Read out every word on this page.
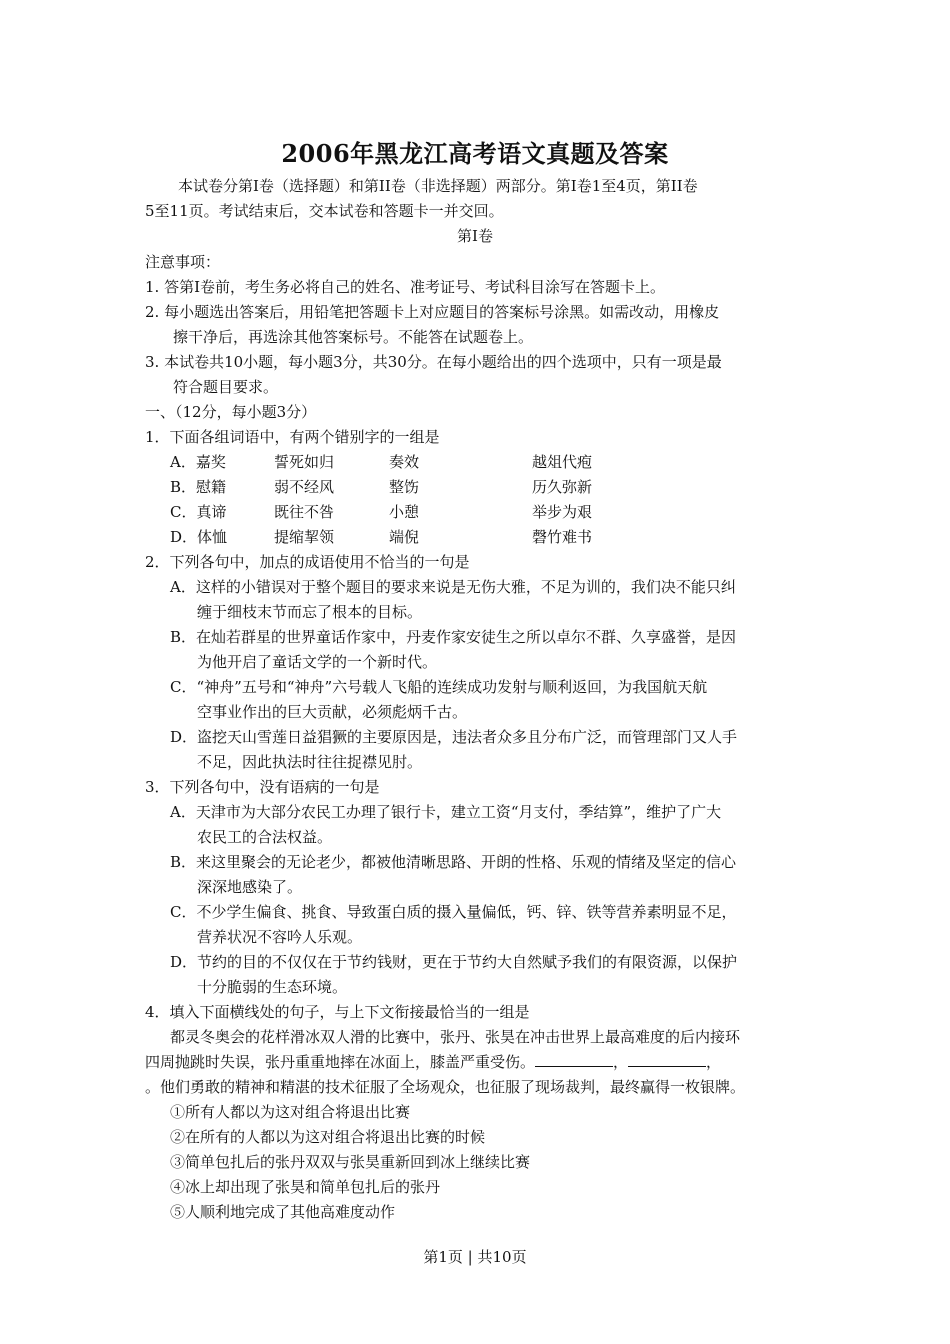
2006年黑龙江高考语文真题及答案
本试卷分第Ⅰ卷（选择题）和第II卷（非选择题）两部分。第Ⅰ卷1至4页，第II卷
5至11页。考试结束后，交本试卷和答题卡一并交回。
第Ⅰ卷
注意事项：
1. 答第Ⅰ卷前，考生务必将自己的姓名、准考证号、考试科目涂写在答题卡上。
2. 每小题选出答案后，用铅笔把答题卡上对应题目的答案标号涂黑。如需改动，用橡皮
擦干净后，再选涂其他答案标号。不能答在试题卷上。
3. 本试卷共10小题，每小题3分，共30分。在每小题给出的四个选项中，只有一项是最
符合题目要求。
一、（12分，每小题3分）
1．下面各组词语中，有两个错别字的一组是
A．嘉奖	誓死如归	奏效	越俎代疱
B．慰籍	弱不经风	整饬	历久弥新
C．真谛	既往不咎	小憩	举步为艰
D．体恤	提缩挈领	端倪	磬竹难书
2．下列各句中，加点的成语使用不恰当的一句是
A．这样的小错误对于整个题目的要求来说是无伤大雅，不足为训的，我们决不能只纠
缠于细枝末节而忘了根本的目标。
B．在灿若群星的世界童话作家中，丹麦作家安徒生之所以卓尔不群、久享盛誉，是因
为他开启了童话文学的一个新时代。
C．“神舟”五号和“神舟”六号载人飞船的连续成功发射与顺利返回，为我国航天航
空事业作出的巨大贡献，必须彪炳千古。
D．盗挖天山雪莲日益猖獗的主要原因是，违法者众多且分布广泛，而管理部门又人手
不足，因此执法时往往捉襟见肘。
3．下列各句中，没有语病的一句是
A．天津市为大部分农民工办理了银行卡，建立工资“月支付，季结算”，维护了广大
农民工的合法权益。
B．来这里聚会的无论老少，都被他清晰思路、开朗的性格、乐观的情绪及坚定的信心
深深地感染了。
C．不少学生偏食、挑食、导致蛋白质的摄入量偏低，钙、锌、铁等营养素明显不足，
营养状况不容吟人乐观。
D．节约的目的不仅仅在于节约钱财，更在于节约大自然赋予我们的有限资源，以保护
十分脆弱的生态环境。
4．填入下面横线处的句子，与上下文衔接最恰当的一组是
都灵冬奥会的花样滑冰双人滑的比赛中，张丹、张昊在冲击世界上最高难度的后内接环
四周抛跳时失误，张丹重重地摔在冰面上，膝盖严重受伤。	，	，
。他们勇敢的精神和精湛的技术征服了全场观众，也征服了现场裁判，最终赢得一枚银牌。
①所有人都以为这对组合将退出比赛
②在所有的人都以为这对组合将退出比赛的时候
③简单包扎后的张丹双双与张昊重新回到冰上继续比赛
④冰上却出现了张昊和简单包扎后的张丹
⑤人顺利地完成了其他高难度动作
第1页 | 共10页
